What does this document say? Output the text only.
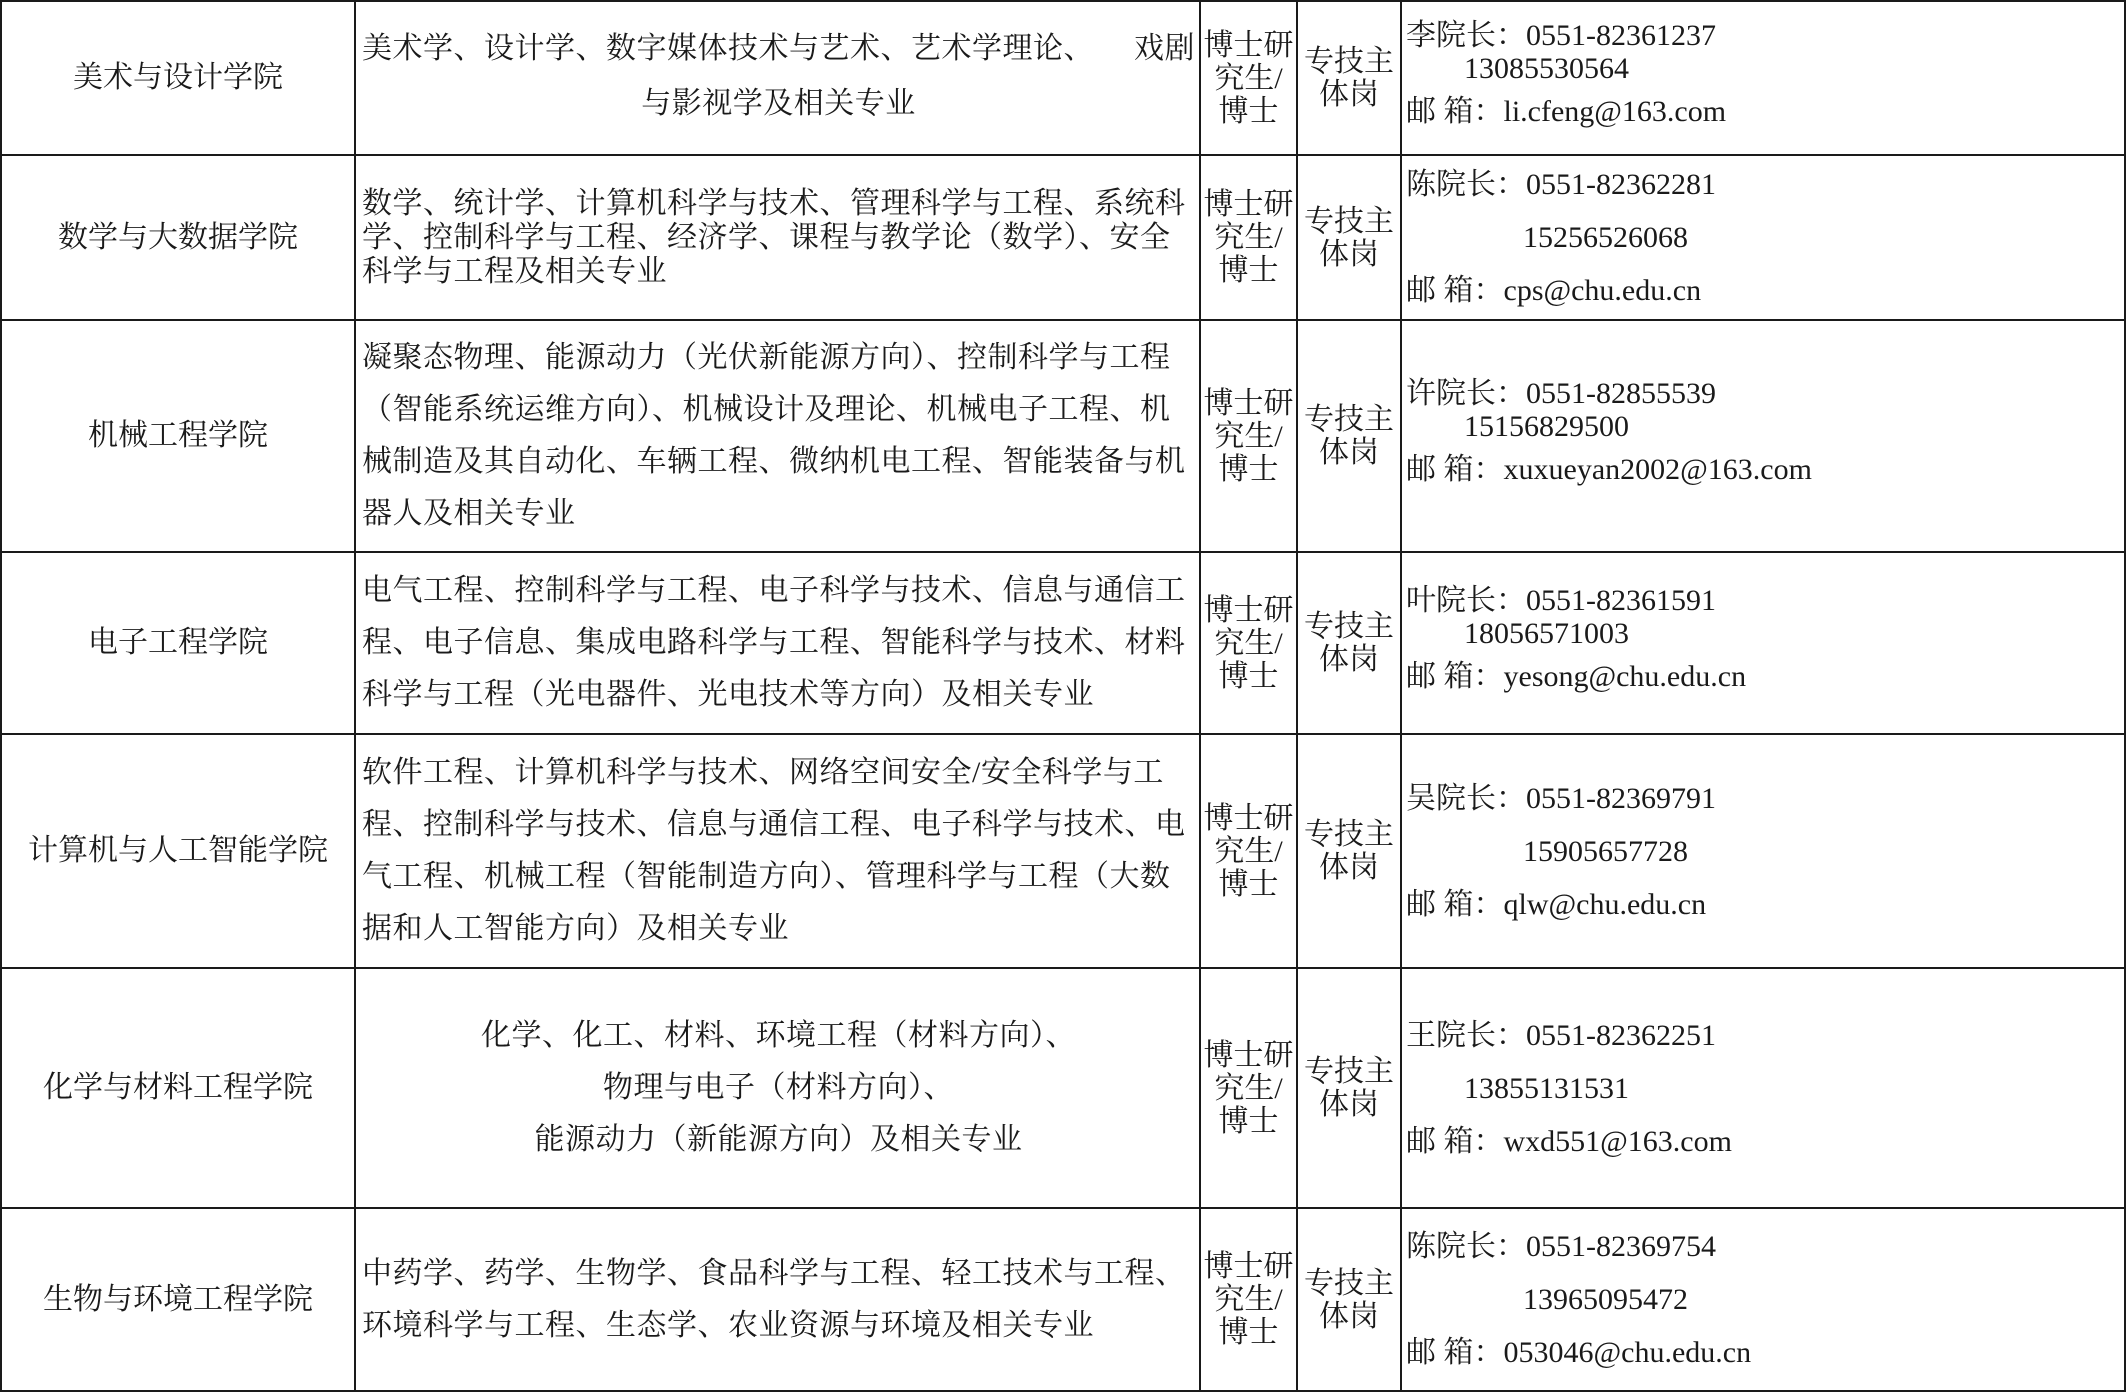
美术与设计学院	美术学、设计学、数字媒体技术与艺术、艺术学理论、 戏剧
与影视学及相关专业	博士研
究生/
博士	专技主
体岗	李院长：0551-82361237
13085530564
邮 箱：li.cfeng@163.com

数学与大数据学院	数学、统计学、计算机科学与技术、管理科学与工程、系统科
学、控制科学与工程、经济学、课程与教学论（数学）、安全
科学与工程及相关专业	博士研
究生/
博士	专技主
体岗	陈院长：0551-82362281
15256526068
邮 箱：cps@chu.edu.cn

机械工程学院	凝聚态物理、能源动力（光伏新能源方向）、控制科学与工程
（智能系统运维方向）、机械设计及理论、机械电子工程、机
械制造及其自动化、车辆工程、微纳机电工程、智能装备与机
器人及相关专业	博士研
究生/
博士	专技主
体岗	许院长：0551-82855539
15156829500
邮 箱：xuxueyan2002@163.com

电子工程学院	电气工程、控制科学与工程、电子科学与技术、信息与通信工
程、电子信息、集成电路科学与工程、智能科学与技术、材料
科学与工程（光电器件、光电技术等方向）及相关专业	博士研
究生/
博士	专技主
体岗	叶院长：0551-82361591
18056571003
邮 箱：yesong@chu.edu.cn

计算机与人工智能学院	软件工程、计算机科学与技术、网络空间安全/安全科学与工
程、控制科学与技术、信息与通信工程、电子科学与技术、电
气工程、机械工程（智能制造方向）、管理科学与工程（大数
据和人工智能方向）及相关专业	博士研
究生/
博士	专技主
体岗	吴院长：0551-82369791
15905657728
邮 箱：qlw@chu.edu.cn

化学与材料工程学院	化学、化工、材料、环境工程（材料方向）、
物理与电子（材料方向）、
能源动力（新能源方向）及相关专业	博士研
究生/
博士	专技主
体岗	王院长：0551-82362251
13855131531
邮 箱：wxd551@163.com

生物与环境工程学院	中药学、药学、生物学、食品科学与工程、轻工技术与工程、
环境科学与工程、生态学、农业资源与环境及相关专业	博士研
究生/
博士	专技主
体岗	陈院长：0551-82369754
13965095472
邮 箱：053046@chu.edu.cn
